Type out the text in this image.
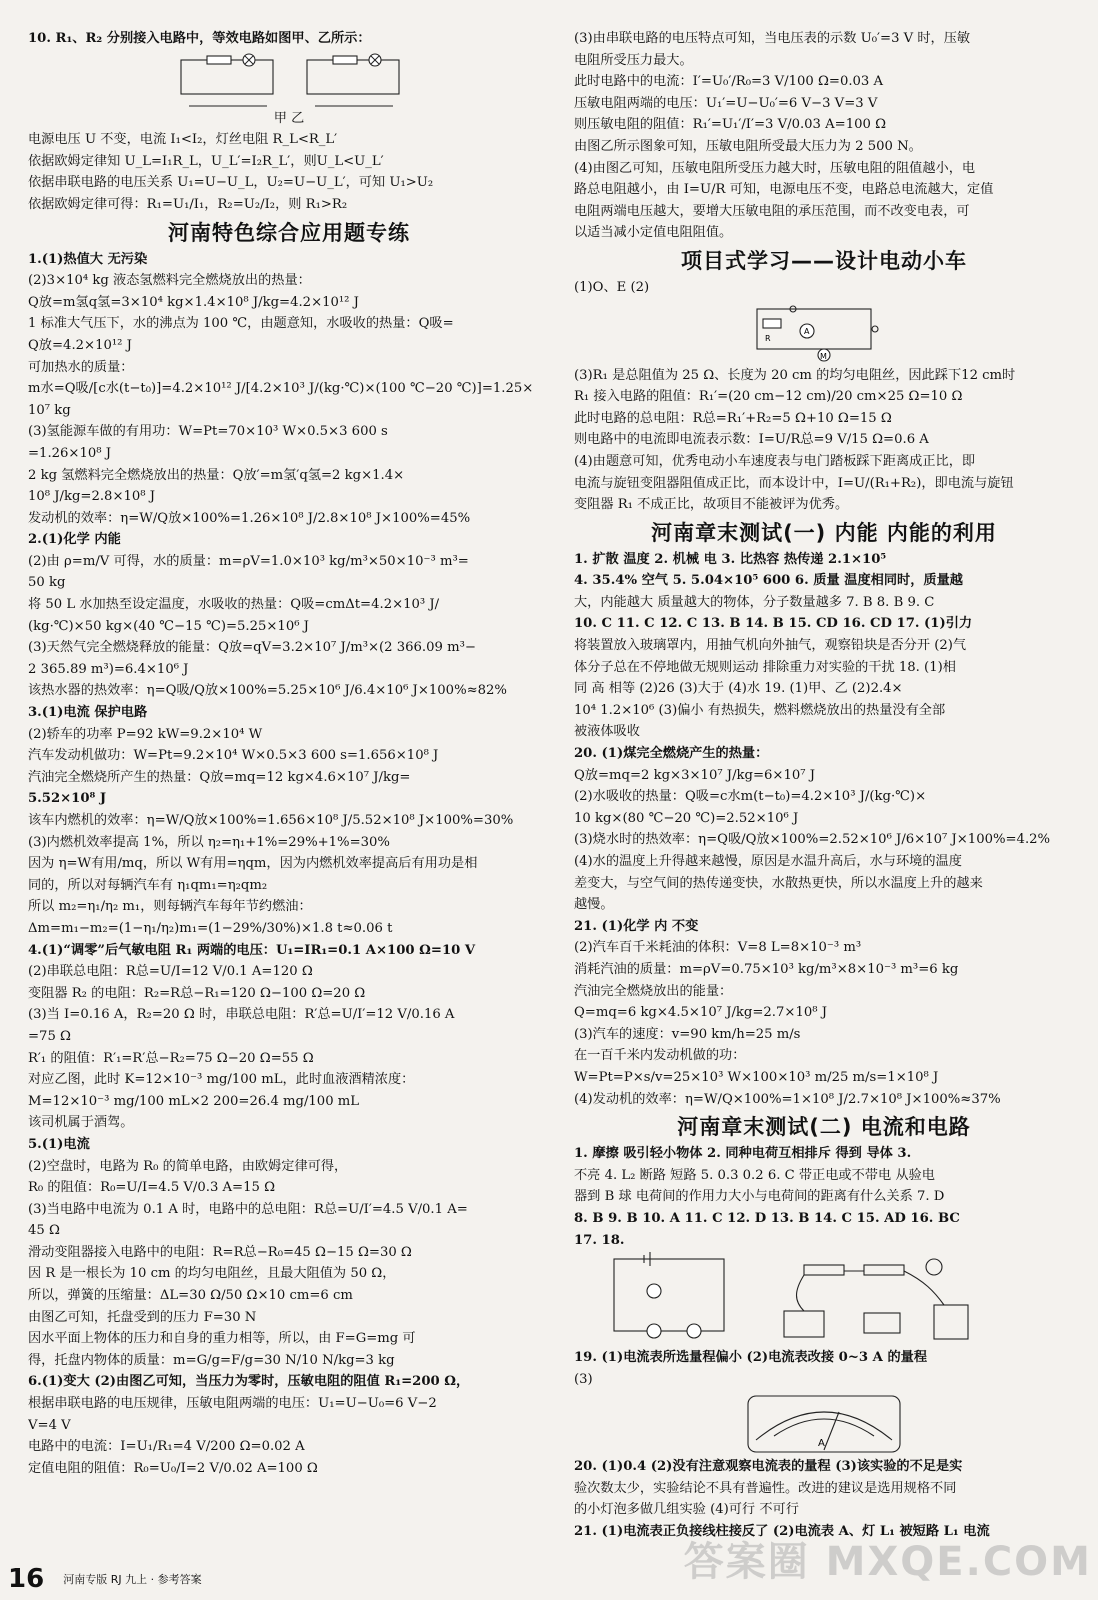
10. R₁、R₂ 分别接入电路中，等效电路如图甲、乙所示：
甲 乙
电源电压 U 不变，电流 I₁<I₂，灯丝电阻 R_L<R_L′
依据欧姆定律知 U_L=I₁R_L，U_L′=I₂R_L′，则U_L<U_L′
依据串联电路的电压关系 U₁=U−U_L，U₂=U−U_L′，可知 U₁>U₂
依据欧姆定律可得：R₁=U₁/I₁，R₂=U₂/I₂，则 R₁>R₂
河南特色综合应用题专练
1.(1)热值大 无污染
(2)3×10⁴ kg 液态氢燃料完全燃烧放出的热量：
Q放=m氢q氢=3×10⁴ kg×1.4×10⁸ J/kg=4.2×10¹² J
1 标准大气压下，水的沸点为 100 ℃，由题意知，水吸收的热量：Q吸=
Q放=4.2×10¹² J
可加热水的质量：
m水=Q吸/[c水(t−t₀)]=4.2×10¹² J/[4.2×10³ J/(kg·℃)×(100 ℃−20 ℃)]=1.25×
10⁷ kg
(3)氢能源车做的有用功：W=Pt=70×10³ W×0.5×3 600 s
=1.26×10⁸ J
2 kg 氢燃料完全燃烧放出的热量：Q放′=m氢′q氢=2 kg×1.4×
10⁸ J/kg=2.8×10⁸ J
发动机的效率：η=W/Q放×100%=1.26×10⁸ J/2.8×10⁸ J×100%=45%
2.(1)化学 内能
(2)由 ρ=m/V 可得，水的质量：m=ρV=1.0×10³ kg/m³×50×10⁻³ m³=
50 kg
将 50 L 水加热至设定温度，水吸收的热量：Q吸=cmΔt=4.2×10³ J/
(kg·℃)×50 kg×(40 ℃−15 ℃)=5.25×10⁶ J
(3)天然气完全燃烧释放的能量：Q放=qV=3.2×10⁷ J/m³×(2 366.09 m³−
2 365.89 m³)=6.4×10⁶ J
该热水器的热效率：η=Q吸/Q放×100%=5.25×10⁶ J/6.4×10⁶ J×100%≈82%
3.(1)电流 保护电路
(2)轿车的功率 P=92 kW=9.2×10⁴ W
汽车发动机做功：W=Pt=9.2×10⁴ W×0.5×3 600 s=1.656×10⁸ J
汽油完全燃烧所产生的热量：Q放=mq=12 kg×4.6×10⁷ J/kg=
5.52×10⁸ J
该车内燃机的效率：η=W/Q放×100%=1.656×10⁸ J/5.52×10⁸ J×100%=30%
(3)内燃机效率提高 1%，所以 η₂=η₁+1%=29%+1%=30%
因为 η=W有用/mq，所以 W有用=ηqm，因为内燃机效率提高后有用功是相
同的，所以对每辆汽车有 η₁qm₁=η₂qm₂
所以 m₂=η₁/η₂ m₁，则每辆汽车每年节约燃油：
Δm=m₁−m₂=(1−η₁/η₂)m₁=(1−29%/30%)×1.8 t≈0.06 t
4.(1)“调零”后气敏电阻 R₁ 两端的电压：U₁=IR₁=0.1 A×100 Ω=10 V
(2)串联总电阻：R总=U/I=12 V/0.1 A=120 Ω
变阻器 R₂ 的电阻：R₂=R总−R₁=120 Ω−100 Ω=20 Ω
(3)当 I=0.16 A，R₂=20 Ω 时，串联总电阻：R′总=U/I′=12 V/0.16 A
=75 Ω
R′₁ 的阻值：R′₁=R′总−R₂=75 Ω−20 Ω=55 Ω
对应乙图，此时 K=12×10⁻³ mg/100 mL，此时血液酒精浓度：
M=12×10⁻³ mg/100 mL×2 200=26.4 mg/100 mL
该司机属于酒驾。
5.(1)电流
(2)空盘时，电路为 R₀ 的简单电路，由欧姆定律可得，
R₀ 的阻值：R₀=U/I=4.5 V/0.3 A=15 Ω
(3)当电路中电流为 0.1 A 时，电路中的总电阻：R总=U/I′=4.5 V/0.1 A=
45 Ω
滑动变阻器接入电路中的电阻：R=R总−R₀=45 Ω−15 Ω=30 Ω
因 R 是一根长为 10 cm 的均匀电阻丝，且最大阻值为 50 Ω，
所以，弹簧的压缩量：ΔL=30 Ω/50 Ω×10 cm=6 cm
由图乙可知，托盘受到的压力 F=30 N
因水平面上物体的压力和自身的重力相等，所以，由 F=G=mg 可
得，托盘内物体的质量：m=G/g=F/g=30 N/10 N/kg=3 kg
6.(1)变大 (2)由图乙可知，当压力为零时，压敏电阻的阻值 R₁=200 Ω，
根据串联电路的电压规律，压敏电阻两端的电压：U₁=U−U₀=6 V−2
V=4 V
电路中的电流：I=U₁/R₁=4 V/200 Ω=0.02 A
定值电阻的阻值：R₀=U₀/I=2 V/0.02 A=100 Ω
(3)由串联电路的电压特点可知，当电压表的示数 U₀′=3 V 时，压敏
电阻所受压力最大。
此时电路中的电流：I′=U₀′/R₀=3 V/100 Ω=0.03 A
压敏电阻两端的电压：U₁′=U−U₀′=6 V−3 V=3 V
则压敏电阻的阻值：R₁′=U₁′/I′=3 V/0.03 A=100 Ω
由图乙所示图象可知，压敏电阻所受最大压力为 2 500 N。
(4)由图乙可知，压敏电阻所受压力越大时，压敏电阻的阻值越小，电
路总电阻越小，由 I=U/R 可知，电源电压不变，电路总电流越大，定值
电阻两端电压越大，要增大压敏电阻的承压范围，而不改变电表，可
以适当减小定值电阻阻值。
项目式学习——设计电动小车
(1)O、E (2)
M
A
R
(3)R₁ 是总阻值为 25 Ω、长度为 20 cm 的均匀电阻丝，因此踩下12 cm时
R₁ 接入电路的阻值：R₁′=(20 cm−12 cm)/20 cm×25 Ω=10 Ω
此时电路的总电阻：R总=R₁′+R₂=5 Ω+10 Ω=15 Ω
则电路中的电流即电流表示数：I=U/R总=9 V/15 Ω=0.6 A
(4)由题意可知，优秀电动小车速度表与电门踏板踩下距离成正比，即
电流与旋钮变阻器阻值成正比，而本设计中，I=U/(R₁+R₂)，即电流与旋钮
变阻器 R₁ 不成正比，故项目不能被评为优秀。
河南章末测试(一) 内能 内能的利用
1. 扩散 温度 2. 机械 电 3. 比热容 热传递 2.1×10⁵
4. 35.4% 空气 5. 5.04×10⁵ 600 6. 质量 温度相同时，质量越
大，内能越大 质量越大的物体，分子数量越多 7. B 8. B 9. C
10. C 11. C 12. C 13. B 14. B 15. CD 16. CD 17. (1)引力
将装置放入玻璃罩内，用抽气机向外抽气，观察铅块是否分开 (2)气
体分子总在不停地做无规则运动 排除重力对实验的干扰 18. (1)相
同 高 相等 (2)26 (3)大于 (4)水 19. (1)甲、乙 (2)2.4×
10⁴ 1.2×10⁶ (3)偏小 有热损失，燃料燃烧放出的热量没有全部
被液体吸收
20. (1)煤完全燃烧产生的热量：
Q放=mq=2 kg×3×10⁷ J/kg=6×10⁷ J
(2)水吸收的热量：Q吸=c水m(t−t₀)=4.2×10³ J/(kg·℃)×
10 kg×(80 ℃−20 ℃)=2.52×10⁶ J
(3)烧水时的热效率：η=Q吸/Q放×100%=2.52×10⁶ J/6×10⁷ J×100%=4.2%
(4)水的温度上升得越来越慢，原因是水温升高后，水与环境的温度
差变大，与空气间的热传递变快，水散热更快，所以水温度上升的越来
越慢。
21. (1)化学 内 不变
(2)汽车百千米耗油的体积：V=8 L=8×10⁻³ m³
消耗汽油的质量：m=ρV=0.75×10³ kg/m³×8×10⁻³ m³=6 kg
汽油完全燃烧放出的能量：
Q=mq=6 kg×4.5×10⁷ J/kg=2.7×10⁸ J
(3)汽车的速度：v=90 km/h=25 m/s
在一百千米内发动机做的功：
W=Pt=P×s/v=25×10³ W×100×10³ m/25 m/s=1×10⁸ J
(4)发动机的效率：η=W/Q×100%=1×10⁸ J/2.7×10⁸ J×100%≈37%
河南章末测试(二) 电流和电路
1. 摩擦 吸引轻小物体 2. 同种电荷互相排斥 得到 导体 3.
不亮 4. L₂ 断路 短路 5. 0.3 0.2 6. C 带正电或不带电 从验电
器到 B 球 电荷间的作用力大小与电荷间的距离有什么关系 7. D
8. B 9. B 10. A 11. C 12. D 13. B 14. C 15. AD 16. BC
17. 18.
19. (1)电流表所选量程偏小 (2)电流表改接 0~3 A 的量程
(3)
A
20. (1)0.4 (2)没有注意观察电流表的量程 (3)该实验的不足是实
验次数太少，实验结论不具有普遍性。改进的建议是选用规格不同
的小灯泡多做几组实验 (4)可行 不可行
21. (1)电流表正负接线柱接反了 (2)电流表 A、灯 L₁ 被短路 L₁ 电流
16 河南专版 RJ 九上 · 参考答案	答案圈 MXQE.COM
